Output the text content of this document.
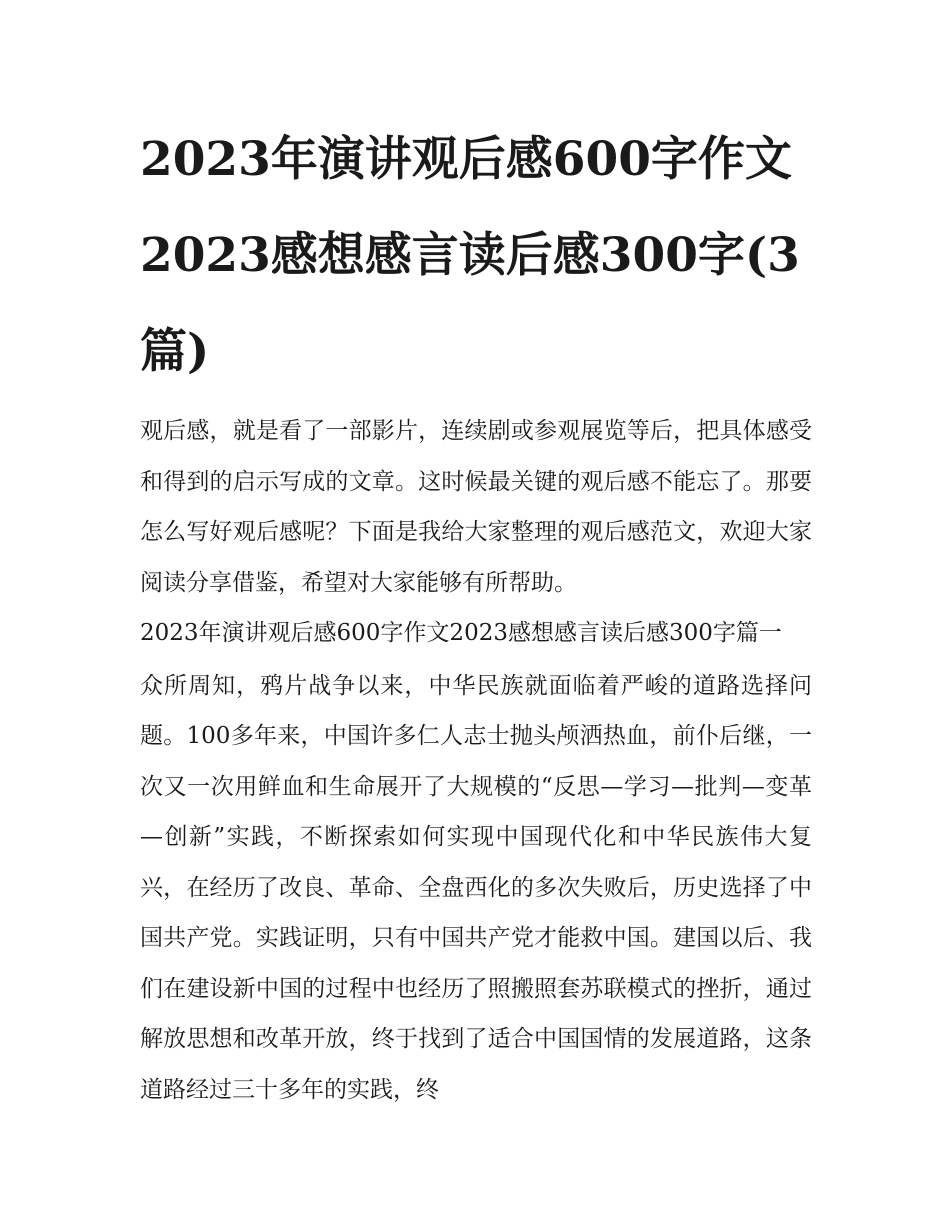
2023年演讲观后感600字作文2023感想感言读后感300字(3篇)

观后感，就是看了一部影片，连续剧或参观展览等后，把具体感受和得到的启示写成的文章。这时候最关键的观后感不能忘了。那要怎么写好观后感呢？下面是我给大家整理的观后感范文，欢迎大家阅读分享借鉴，希望对大家能够有所帮助。

2023年演讲观后感600字作文2023感想感言读后感300字篇一

众所周知，鸦片战争以来，中华民族就面临着严峻的道路选择问题。100多年来，中国许多仁人志士抛头颅洒热血，前仆后继，一次又一次用鲜血和生命展开了大规模的“反思—学习—批判—变革—创新”实践，不断探索如何实现中国现代化和中华民族伟大复兴，在经历了改良、革命、全盘西化的多次失败后，历史选择了中国共产党。实践证明，只有中国共产党才能救中国。建国以后、我们在建设新中国的过程中也经历了照搬照套苏联模式的挫折，通过解放思想和改革开放，终于找到了适合中国国情的发展道路，这条道路经过三十多年的实践，终
